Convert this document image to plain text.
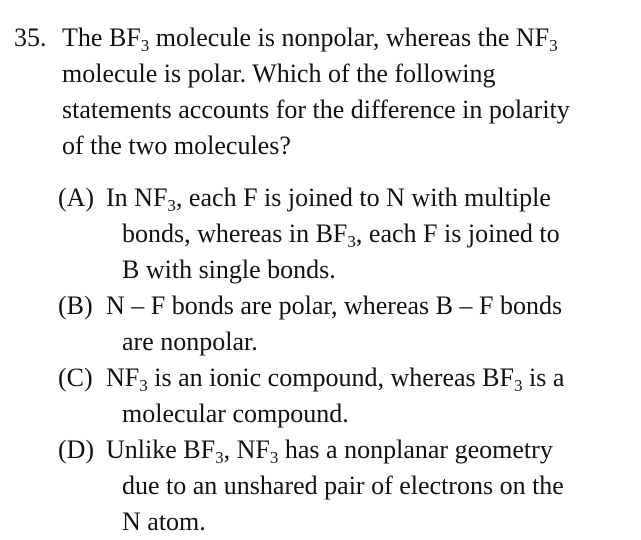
35. The $BF_3$ molecule is nonpolar, whereas the $NF_3$
molecule is polar. Which of the following
statements accounts for the difference in polarity
of the two molecules?
(A) In $NF_3$, each F is joined to N with multiple
bonds, whereas in $BF_3$, each F is joined to
B with single bonds.
(B) N – F bonds are polar, whereas B – F bonds
are nonpolar.
(C) $NF_3$ is an ionic compound, whereas $BF_3$ is a
molecular compound.
(D) Unlike $BF_3$, $NF_3$ has a nonplanar geometry
due to an unshared pair of electrons on the
N atom.
